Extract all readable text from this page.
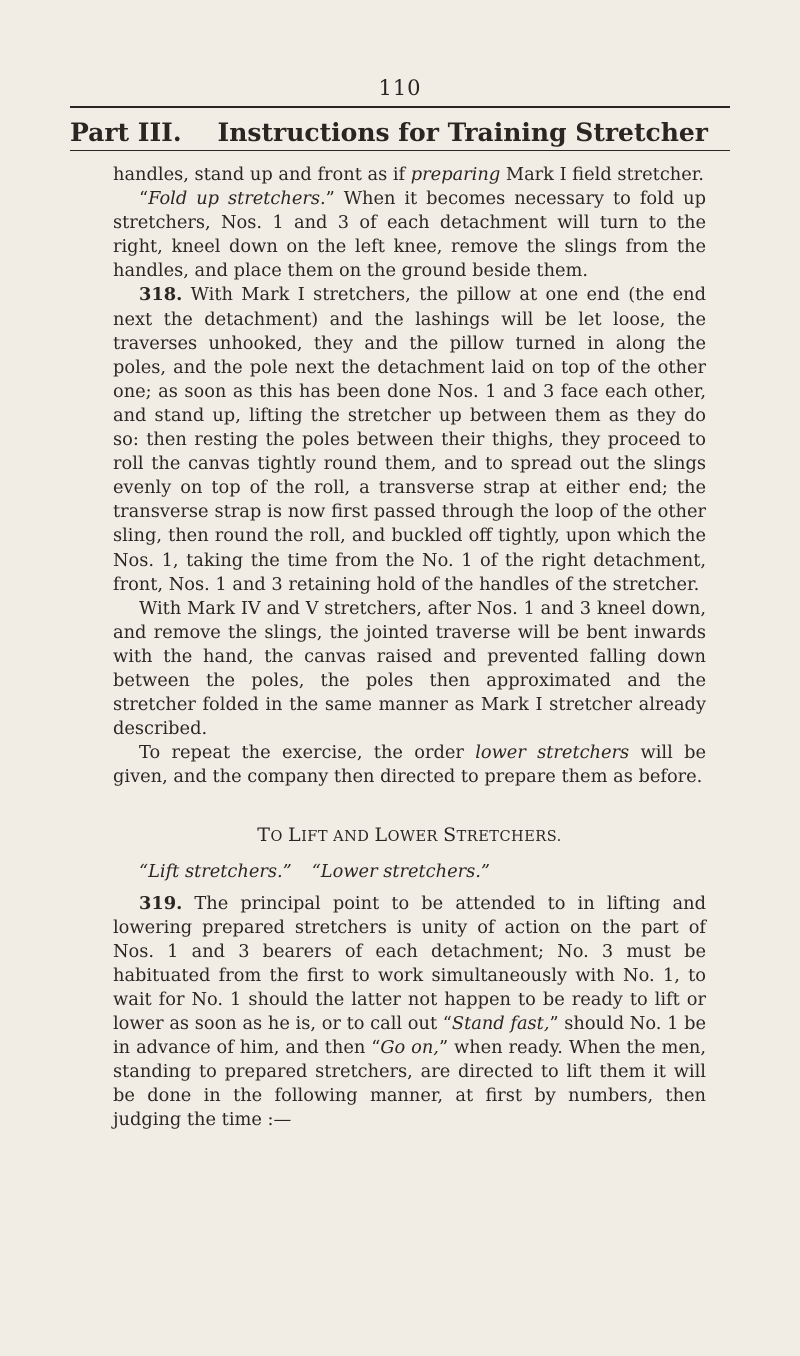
110
Part III. Instructions for Training Stretcher

handles, stand up and front as if preparing Mark I field stretcher.

“Fold up stretchers.” When it becomes necessary to fold up stretchers, Nos. 1 and 3 of each detachment will turn to the right, kneel down on the left knee, remove the slings from the handles, and place them on the ground beside them.

318. With Mark I stretchers, the pillow at one end (the end next the detachment) and the lashings will be let loose, the traverses unhooked, they and the pillow turned in along the poles, and the pole next the detachment laid on top of the other one; as soon as this has been done Nos. 1 and 3 face each other, and stand up, lifting the stretcher up between them as they do so: then resting the poles between their thighs, they proceed to roll the canvas tightly round them, and to spread out the slings evenly on top of the roll, a transverse strap at either end; the transverse strap is now first passed through the loop of the other sling, then round the roll, and buckled off tightly, upon which the Nos. 1, taking the time from the No. 1 of the right detachment, front, Nos. 1 and 3 retaining hold of the handles of the stretcher.

With Mark IV and V stretchers, after Nos. 1 and 3 kneel down, and remove the slings, the jointed traverse will be bent inwards with the hand, the canvas raised and prevented falling down between the poles, the poles then approximated and the stretcher folded in the same manner as Mark I stretcher already described.

To repeat the exercise, the order lower stretchers will be given, and the company then directed to prepare them as before.

TO LIFT AND LOWER STRETCHERS.

“Lift stretchers.” “Lower stretchers.”

319. The principal point to be attended to in lifting and lowering prepared stretchers is unity of action on the part of Nos. 1 and 3 bearers of each detachment; No. 3 must be habituated from the first to work simultaneously with No. 1, to wait for No. 1 should the latter not happen to be ready to lift or lower as soon as he is, or to call out “Stand fast,” should No. 1 be in advance of him, and then “Go on,” when ready. When the men, standing to prepared stretchers, are directed to lift them it will be done in the following manner, at first by numbers, then judging the time :—
